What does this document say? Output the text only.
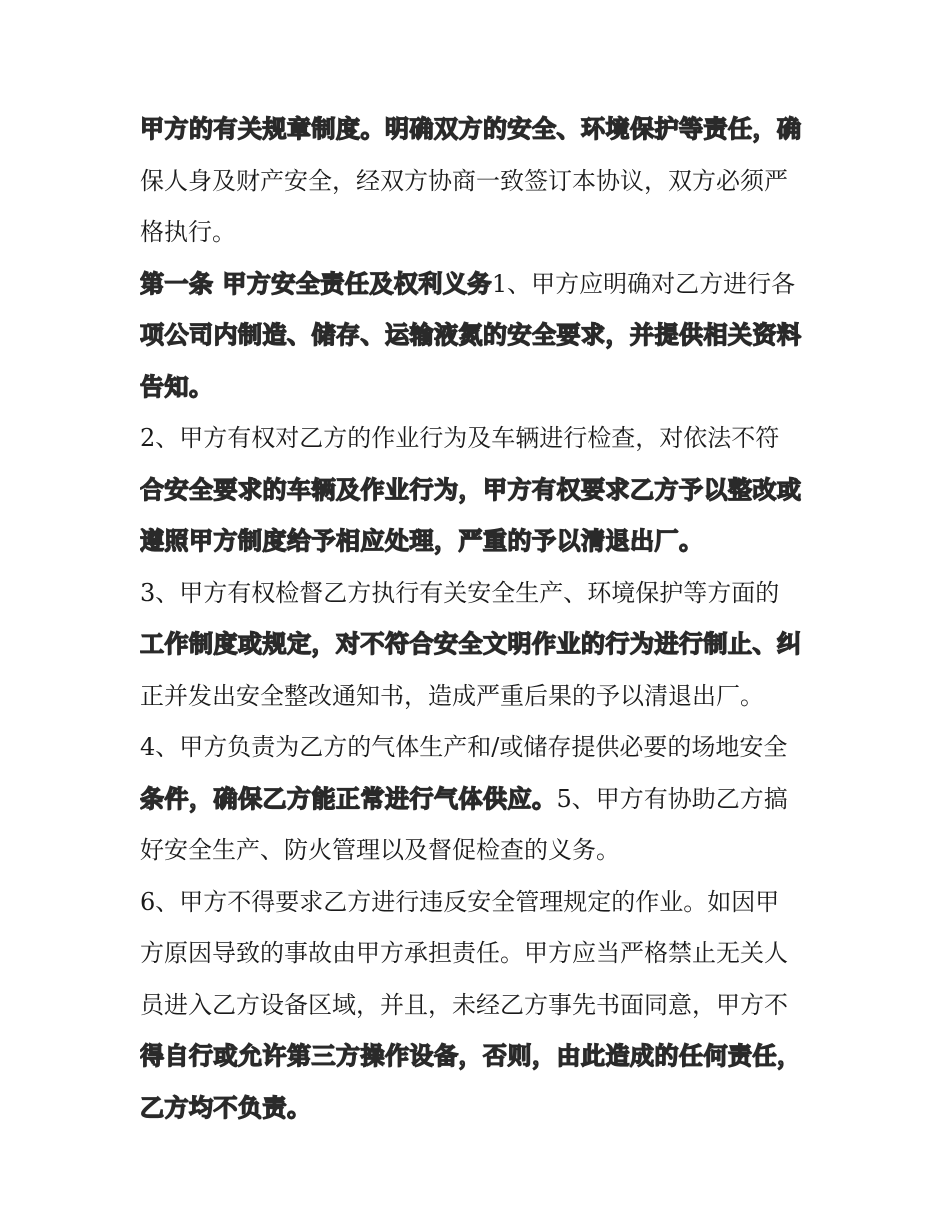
甲方的有关规章制度。明确双方的安全、环境保护等责任，确
保人身及财产安全，经双方协商一致签订本协议，双方必须严
格执行。
第一条 甲方安全责任及权利义务1、甲方应明确对乙方进行各
项公司内制造、储存、运输液氮的安全要求，并提供相关资料
告知。
2、甲方有权对乙方的作业行为及车辆进行检查，对依法不符
合安全要求的车辆及作业行为，甲方有权要求乙方予以整改或
遵照甲方制度给予相应处理，严重的予以清退出厂。
3、甲方有权检督乙方执行有关安全生产、环境保护等方面的
工作制度或规定，对不符合安全文明作业的行为进行制止、纠
正并发出安全整改通知书，造成严重后果的予以清退出厂。
4、甲方负责为乙方的气体生产和/或储存提供必要的场地安全
条件，确保乙方能正常进行气体供应。5、甲方有协助乙方搞
好安全生产、防火管理以及督促检查的义务。
6、甲方不得要求乙方进行违反安全管理规定的作业。如因甲
方原因导致的事故由甲方承担责任。甲方应当严格禁止无关人
员进入乙方设备区域，并且，未经乙方事先书面同意，甲方不
得自行或允许第三方操作设备，否则，由此造成的任何责任，
乙方均不负责。
